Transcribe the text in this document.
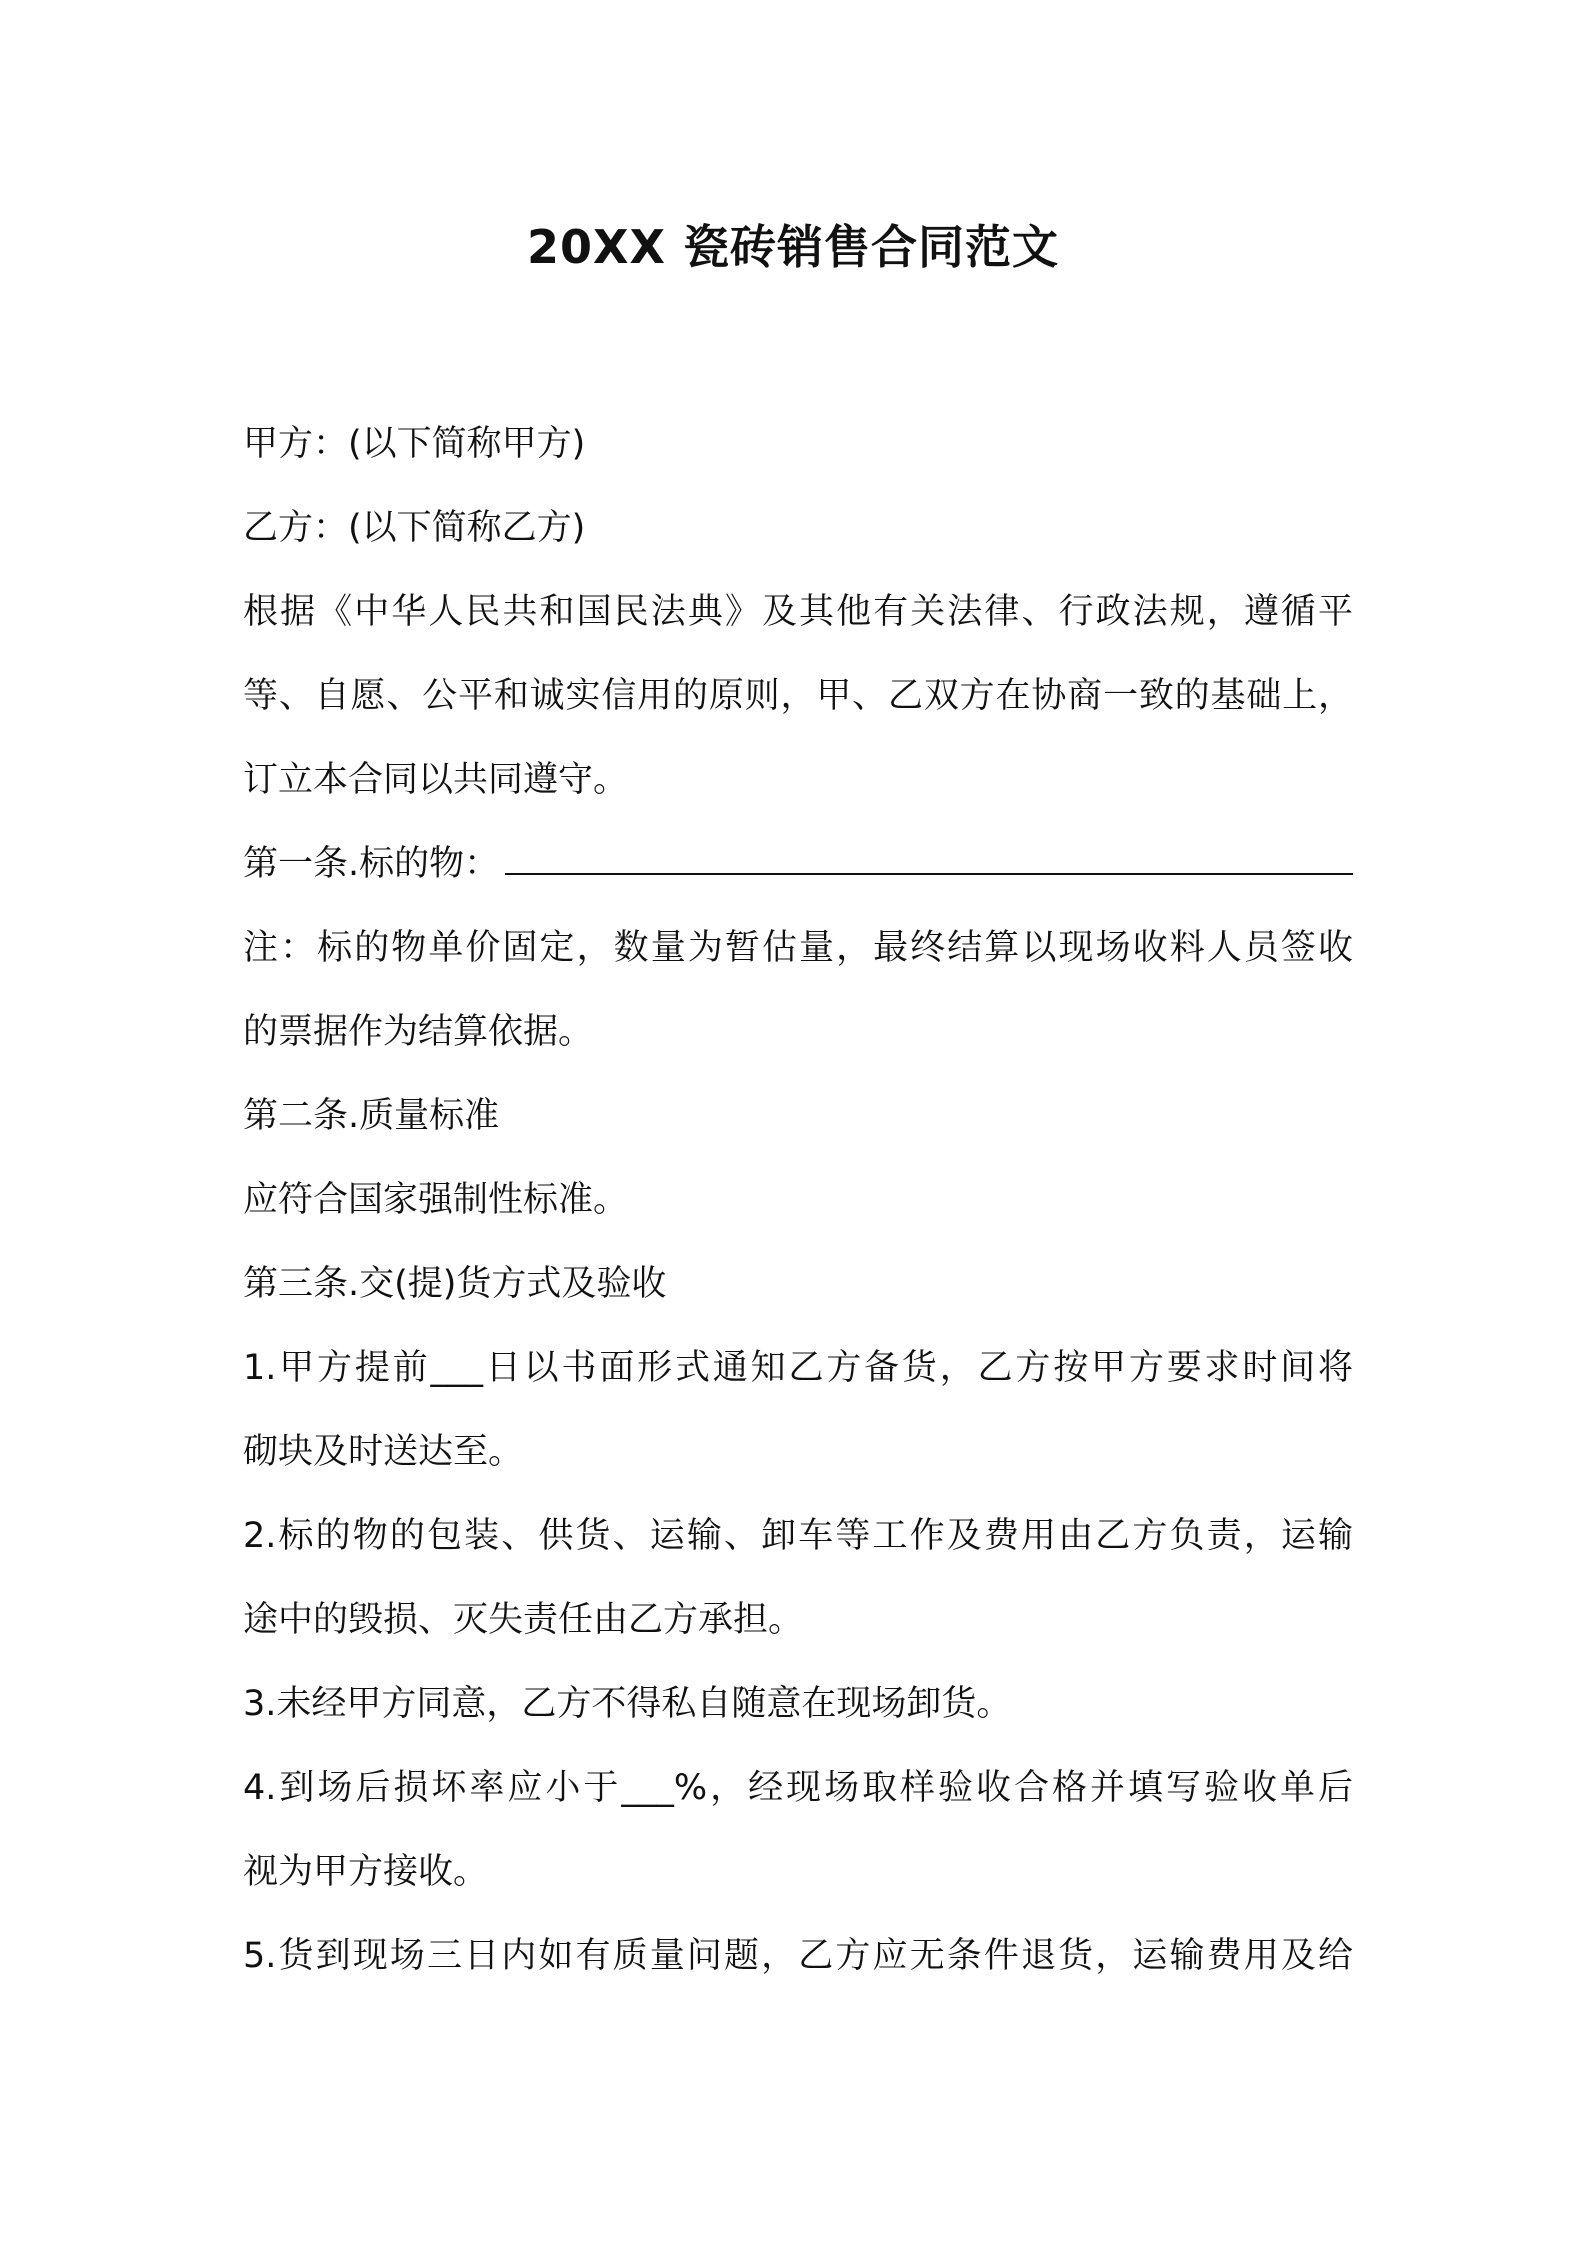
20XX 瓷砖销售合同范文
甲方：(以下简称甲方)
乙方：(以下简称乙方)
根据《中华人民共和国民法典》及其他有关法律、行政法规，遵循平
等、自愿、公平和诚实信用的原则，甲、乙双方在协商一致的基础上，
订立本合同以共同遵守。
第一条.标的物：
注：标的物单价固定，数量为暂估量，最终结算以现场收料人员签收
的票据作为结算依据。
第二条.质量标准
应符合国家强制性标准。
第三条.交(提)货方式及验收
1.甲方提前___日以书面形式通知乙方备货，乙方按甲方要求时间将
砌块及时送达至。
2.标的物的包装、供货、运输、卸车等工作及费用由乙方负责，运输
途中的毁损、灭失责任由乙方承担。
3.未经甲方同意，乙方不得私自随意在现场卸货。
4.到场后损坏率应小于___%，经现场取样验收合格并填写验收单后
视为甲方接收。
5.货到现场三日内如有质量问题，乙方应无条件退货，运输费用及给
